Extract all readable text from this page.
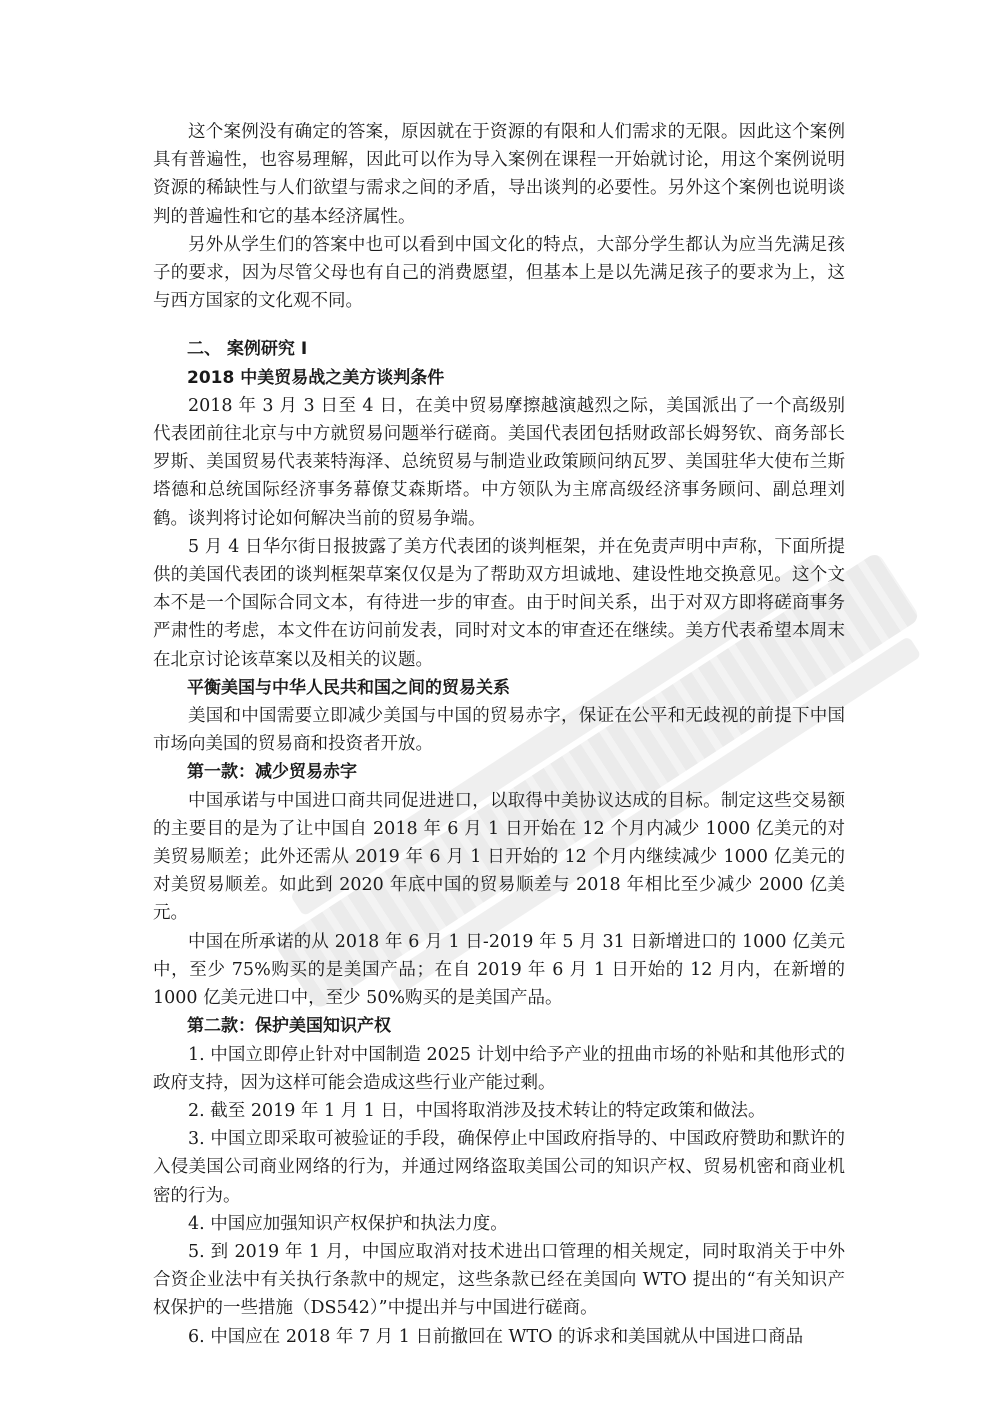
这个案例没有确定的答案，原因就在于资源的有限和人们需求的无限。因此这个案例具有普遍性，也容易理解，因此可以作为导入案例在课程一开始就讨论，用这个案例说明资源的稀缺性与人们欲望与需求之间的矛盾，导出谈判的必要性。另外这个案例也说明谈判的普遍性和它的基本经济属性。

另外从学生们的答案中也可以看到中国文化的特点，大部分学生都认为应当先满足孩子的要求，因为尽管父母也有自己的消费愿望，但基本上是以先满足孩子的要求为上，这与西方国家的文化观不同。

二、 案例研究 I

2018 中美贸易战之美方谈判条件

2018 年 3 月 3 日至 4 日，在美中贸易摩擦越演越烈之际，美国派出了一个高级别代表团前往北京与中方就贸易问题举行磋商。美国代表团包括财政部长姆努钦、商务部长罗斯、美国贸易代表莱特海泽、总统贸易与制造业政策顾问纳瓦罗、美国驻华大使布兰斯塔德和总统国际经济事务幕僚艾森斯塔。中方领队为主席高级经济事务顾问、副总理刘鹤。谈判将讨论如何解决当前的贸易争端。

5 月 4 日华尔街日报披露了美方代表团的谈判框架，并在免责声明中声称，下面所提供的美国代表团的谈判框架草案仅仅是为了帮助双方坦诚地、建设性地交换意见。这个文本不是一个国际合同文本，有待进一步的审查。由于时间关系，出于对双方即将磋商事务严肃性的考虑，本文件在访问前发表，同时对文本的审查还在继续。美方代表希望本周末在北京讨论该草案以及相关的议题。

平衡美国与中华人民共和国之间的贸易关系

美国和中国需要立即减少美国与中国的贸易赤字，保证在公平和无歧视的前提下中国市场向美国的贸易商和投资者开放。

第一款：减少贸易赤字

中国承诺与中国进口商共同促进进口，以取得中美协议达成的目标。制定这些交易额的主要目的是为了让中国自 2018 年 6 月 1 日开始在 12 个月内减少 1000 亿美元的对美贸易顺差；此外还需从 2019 年 6 月 1 日开始的 12 个月内继续减少 1000 亿美元的对美贸易顺差。如此到 2020 年底中国的贸易顺差与 2018 年相比至少减少 2000 亿美元。

中国在所承诺的从 2018 年 6 月 1 日-2019 年 5 月 31 日新增进口的 1000 亿美元中，至少 75%购买的是美国产品；在自 2019 年 6 月 1 日开始的 12 月内，在新增的 1000 亿美元进口中，至少 50%购买的是美国产品。

第二款：保护美国知识产权

1. 中国立即停止针对中国制造 2025 计划中给予产业的扭曲市场的补贴和其他形式的政府支持，因为这样可能会造成这些行业产能过剩。

2. 截至 2019 年 1 月 1 日，中国将取消涉及技术转让的特定政策和做法。

3. 中国立即采取可被验证的手段，确保停止中国政府指导的、中国政府赞助和默许的入侵美国公司商业网络的行为，并通过网络盗取美国公司的知识产权、贸易机密和商业机密的行为。

4. 中国应加强知识产权保护和执法力度。

5. 到 2019 年 1 月，中国应取消对技术进出口管理的相关规定，同时取消关于中外合资企业法中有关执行条款中的规定，这些条款已经在美国向 WTO 提出的“有关知识产权保护的一些措施（DS542）”中提出并与中国进行磋商。

6. 中国应在 2018 年 7 月 1 日前撤回在 WTO 的诉求和美国就从中国进口商品
